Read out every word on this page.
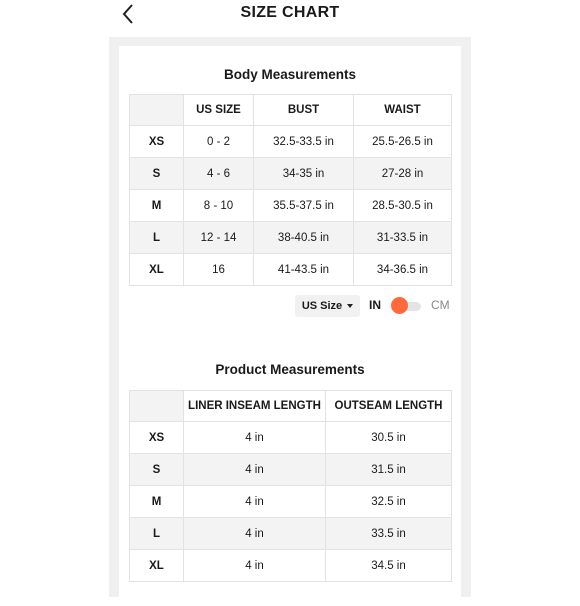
SIZE CHART
Body Measurements
	US SIZE	BUST	WAIST
XS	0 - 2	32.5-33.5 in	25.5-26.5 in
S	4 - 6	34-35 in	27-28 in
M	8 - 10	35.5-37.5 in	28.5-30.5 in
L	12 - 14	38-40.5 in	31-33.5 in
XL	16	41-43.5 in	34-36.5 in
US Size IN	CM
Product Measurements
	LINER INSEAM LENGTH	OUTSEAM LENGTH
XS	4 in	30.5 in
S	4 in	31.5 in
M	4 in	32.5 in
L	4 in	33.5 in
XL	4 in	34.5 in
